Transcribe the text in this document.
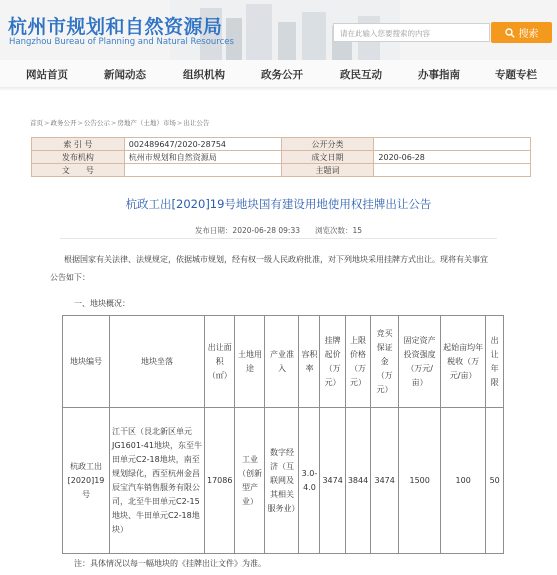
杭州市规划和自然资源局
Hangzhou Bureau of Planning and Natural Resources
请在此输入您要搜索的内容	搜索
网站首页	新闻动态	组织机构	政务公开	政民互动	办事指南	专题专栏
首页>政务公开>公告公示>房地产（土地）市场>出让公告
索 引 号	002489647/2020-28754	公开分类	
发布机构	杭州市规划和自然资源局	成文日期	2020-06-28
文　　号		主题词	
杭政工出[2020]19号地块国有建设用地使用权挂牌出让公告
发布日期：2020-06-28 09:33　　浏览次数：15
根据国家有关法律、法规规定，依据城市规划，经有权一级人民政府批准，对下列地块采用挂牌方式出让。现将有关事宜
公告如下：
一、地块概况：
地块编号	地块坐落	出让面积（㎡）	土地用途	产业准入	容积率	挂牌起价（万元）	上限价格（万元）	竞买保证金（万元）	固定资产投资强度（万元/亩）	起始亩均年税收（万元/亩）	出让年限
杭政工出[2020]19号	江干区（艮北新区单元JG1601-41地块，东至牛田单元C2-18地块，南至规划绿化，西至杭州金昌辰宝汽车销售服务有限公司，北至牛田单元C2-15地块、牛田单元C2-18地块）	17086	工业（创新型产业）	数字经济（互联网及其相关服务业）	3.0-4.0	3474	3844	3474	1500	100	50
注：具体情况以每一幅地块的《挂牌出让文件》为准。
